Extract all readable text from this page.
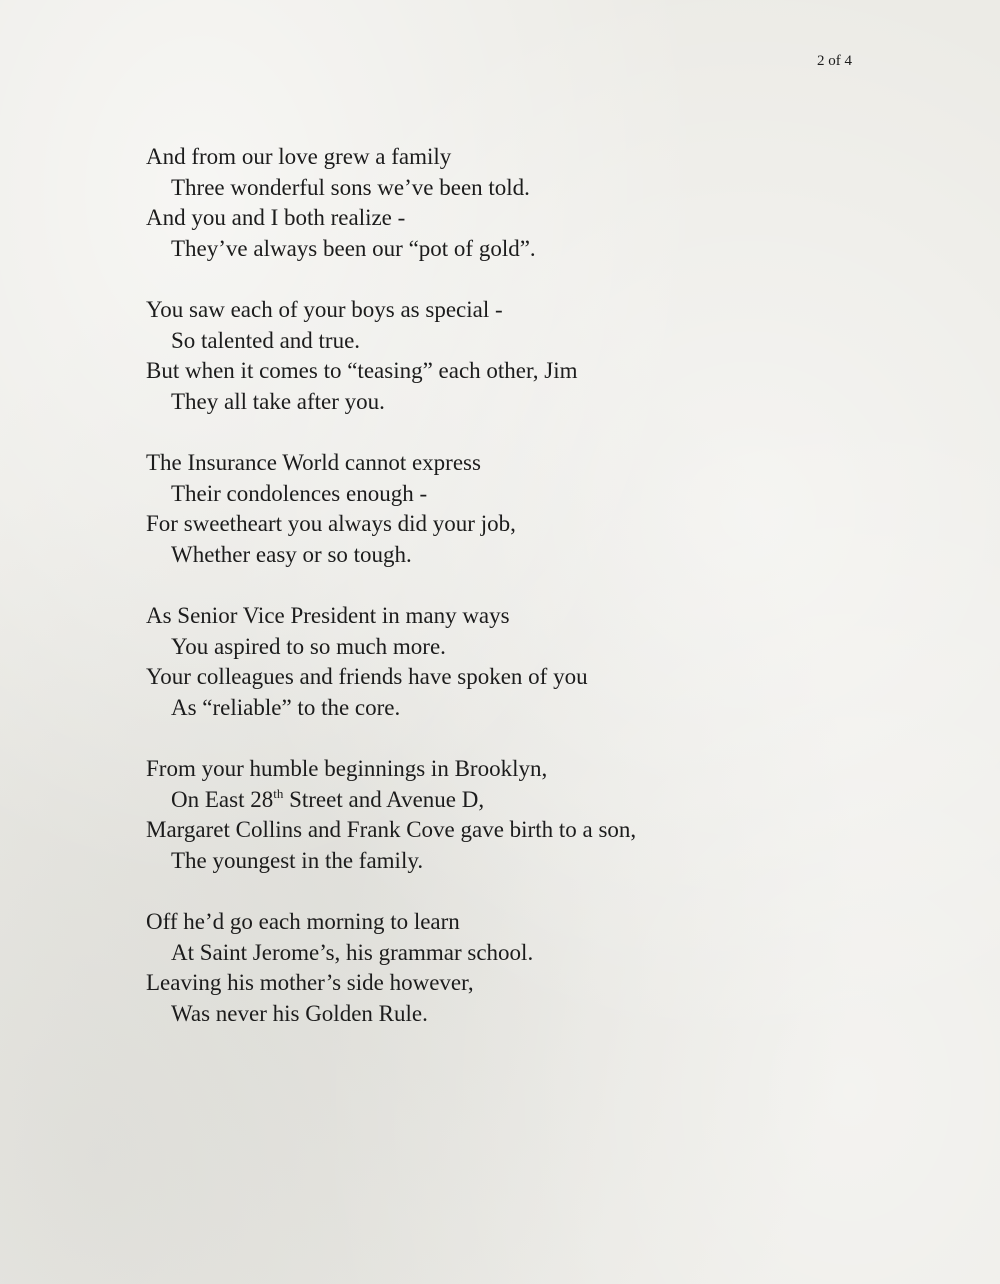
2 of 4
And from our love grew a family
Three wonderful sons we’ve been told.
And you and I both realize -
They’ve always been our “pot of gold”.
You saw each of your boys as special -
So talented and true.
But when it comes to “teasing” each other, Jim
They all take after you.
The Insurance World cannot express
Their condolences enough -
For sweetheart you always did your job,
Whether easy or so tough.
As Senior Vice President in many ways
You aspired to so much more.
Your colleagues and friends have spoken of you
As “reliable” to the core.
From your humble beginnings in Brooklyn,
On East 28th Street and Avenue D,
Margaret Collins and Frank Cove gave birth to a son,
The youngest in the family.
Off he’d go each morning to learn
At Saint Jerome’s, his grammar school.
Leaving his mother’s side however,
Was never his Golden Rule.
